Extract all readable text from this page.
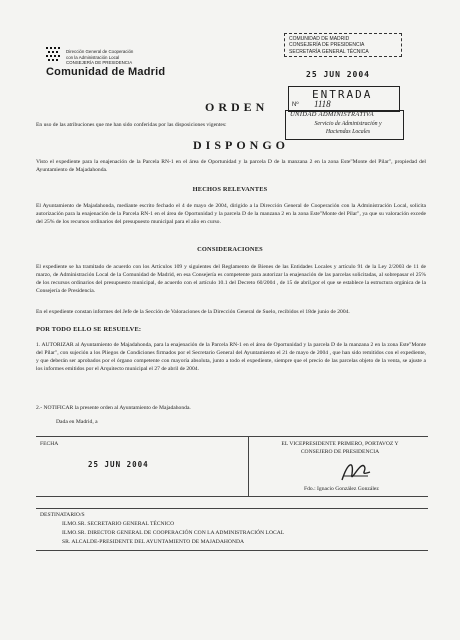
Dirección General de Cooperación
con la Administración Local
CONSEJERÍA DE PRESIDENCIA
Comunidad de Madrid
COMUNIDAD DE MADRID
CONSEJERÍA DE PRESIDENCIA
SECRETARÍA GENERAL TÉCNICA
25 JUN 2004
ENTRADA
Nº 1118
UNIDAD ADMINISTRATIVA
Servicio de Administración y
Haciendas Locales
ORDEN
En uso de las atribuciones que me han sido conferidas por las disposiciones vigentes:
DISPONGO
Visto el expediente para la enajenación de la Parcela RN-1 en el área de Oportunidad y la parcela D de la manzana 2 en la zona Este"Monte del Pilar", propiedad del Ayuntamiento de Majadahonda.
HECHOS RELEVANTES
El Ayuntamiento de Majadahonda, mediante escrito fechado el 4 de mayo de 2004, dirigido a la Dirección General de Cooperación con la Administración Local, solicita autorización para la enajenación de la Parcela RN-1 en el área de Oportunidad y la parcela D de la manzana 2 en la zona Este"Monte del Pilar", ya que su valoración excede del 25% de los recursos ordinarios del presupuesto municipal para el año en curso.
CONSIDERACIONES
El expediente se ha tramitado de acuerdo con los Artículos 109 y siguientes del Reglamento de Bienes de las Entidades Locales y artículo 91 de la Ley 2/2003 de 11 de marzo, de Administración Local de la Comunidad de Madrid, en esa Consejería es competente para autorizar la enajenación de las parcelas solicitadas, al sobrepasar el 25% de los recursos ordinarios del presupuesto municipal, de acuerdo con el artículo 10.1 del Decreto 60/2004 , de 15 de abril,por el que se establece la estructura orgánica de la Consejería de Presidencia.
En el expediente constan informes del Jefe de la Sección de Valoraciones de la Dirección General de Suelo, recibidos el 18de junio de 2004.
POR TODO ELLO SE RESUELVE:
1. AUTORIZAR al Ayuntamiento de Majadahonda, para la enajenación de la Parcela RN-1 en el área de Oportunidad y la parcela D de la manzana 2 en la zona Este"Monte del Pilar", con sujeción a los Pliegos de Condiciones firmados por el Secretario General del Ayuntamiento el 21 de mayo de 2004 , que han sido remitidos con el expediente, y que deberán ser aprobados por el órgano competente con mayoría absoluta, junto a todo el expediente, siempre que el precio de las parcelas objeto de la venta, se ajuste a los informes emitidos por el Arquitecto municipal el 27 de abril de 2004.
2.- NOTIFICAR la presente orden al Ayuntamiento de Majadahonda.
Dada en Madrid, a
FECHA
25 JUN 2004
EL VICEPRESIDENTE PRIMERO, PORTAVOZ Y
CONSEJERO DE PRESIDENCIA
Fdo.: Ignacio González González
DESTINATARIO/S
ILMO.SR. SECRETARIO GENERAL TÉCNICO
ILMO.SR. DIRECTOR GENERAL DE COOPERACIÓN CON LA ADMINISTRACIÓN LOCAL
SR. ALCALDE-PRESIDENTE DEL AYUNTAMIENTO DE MAJADAHONDA
